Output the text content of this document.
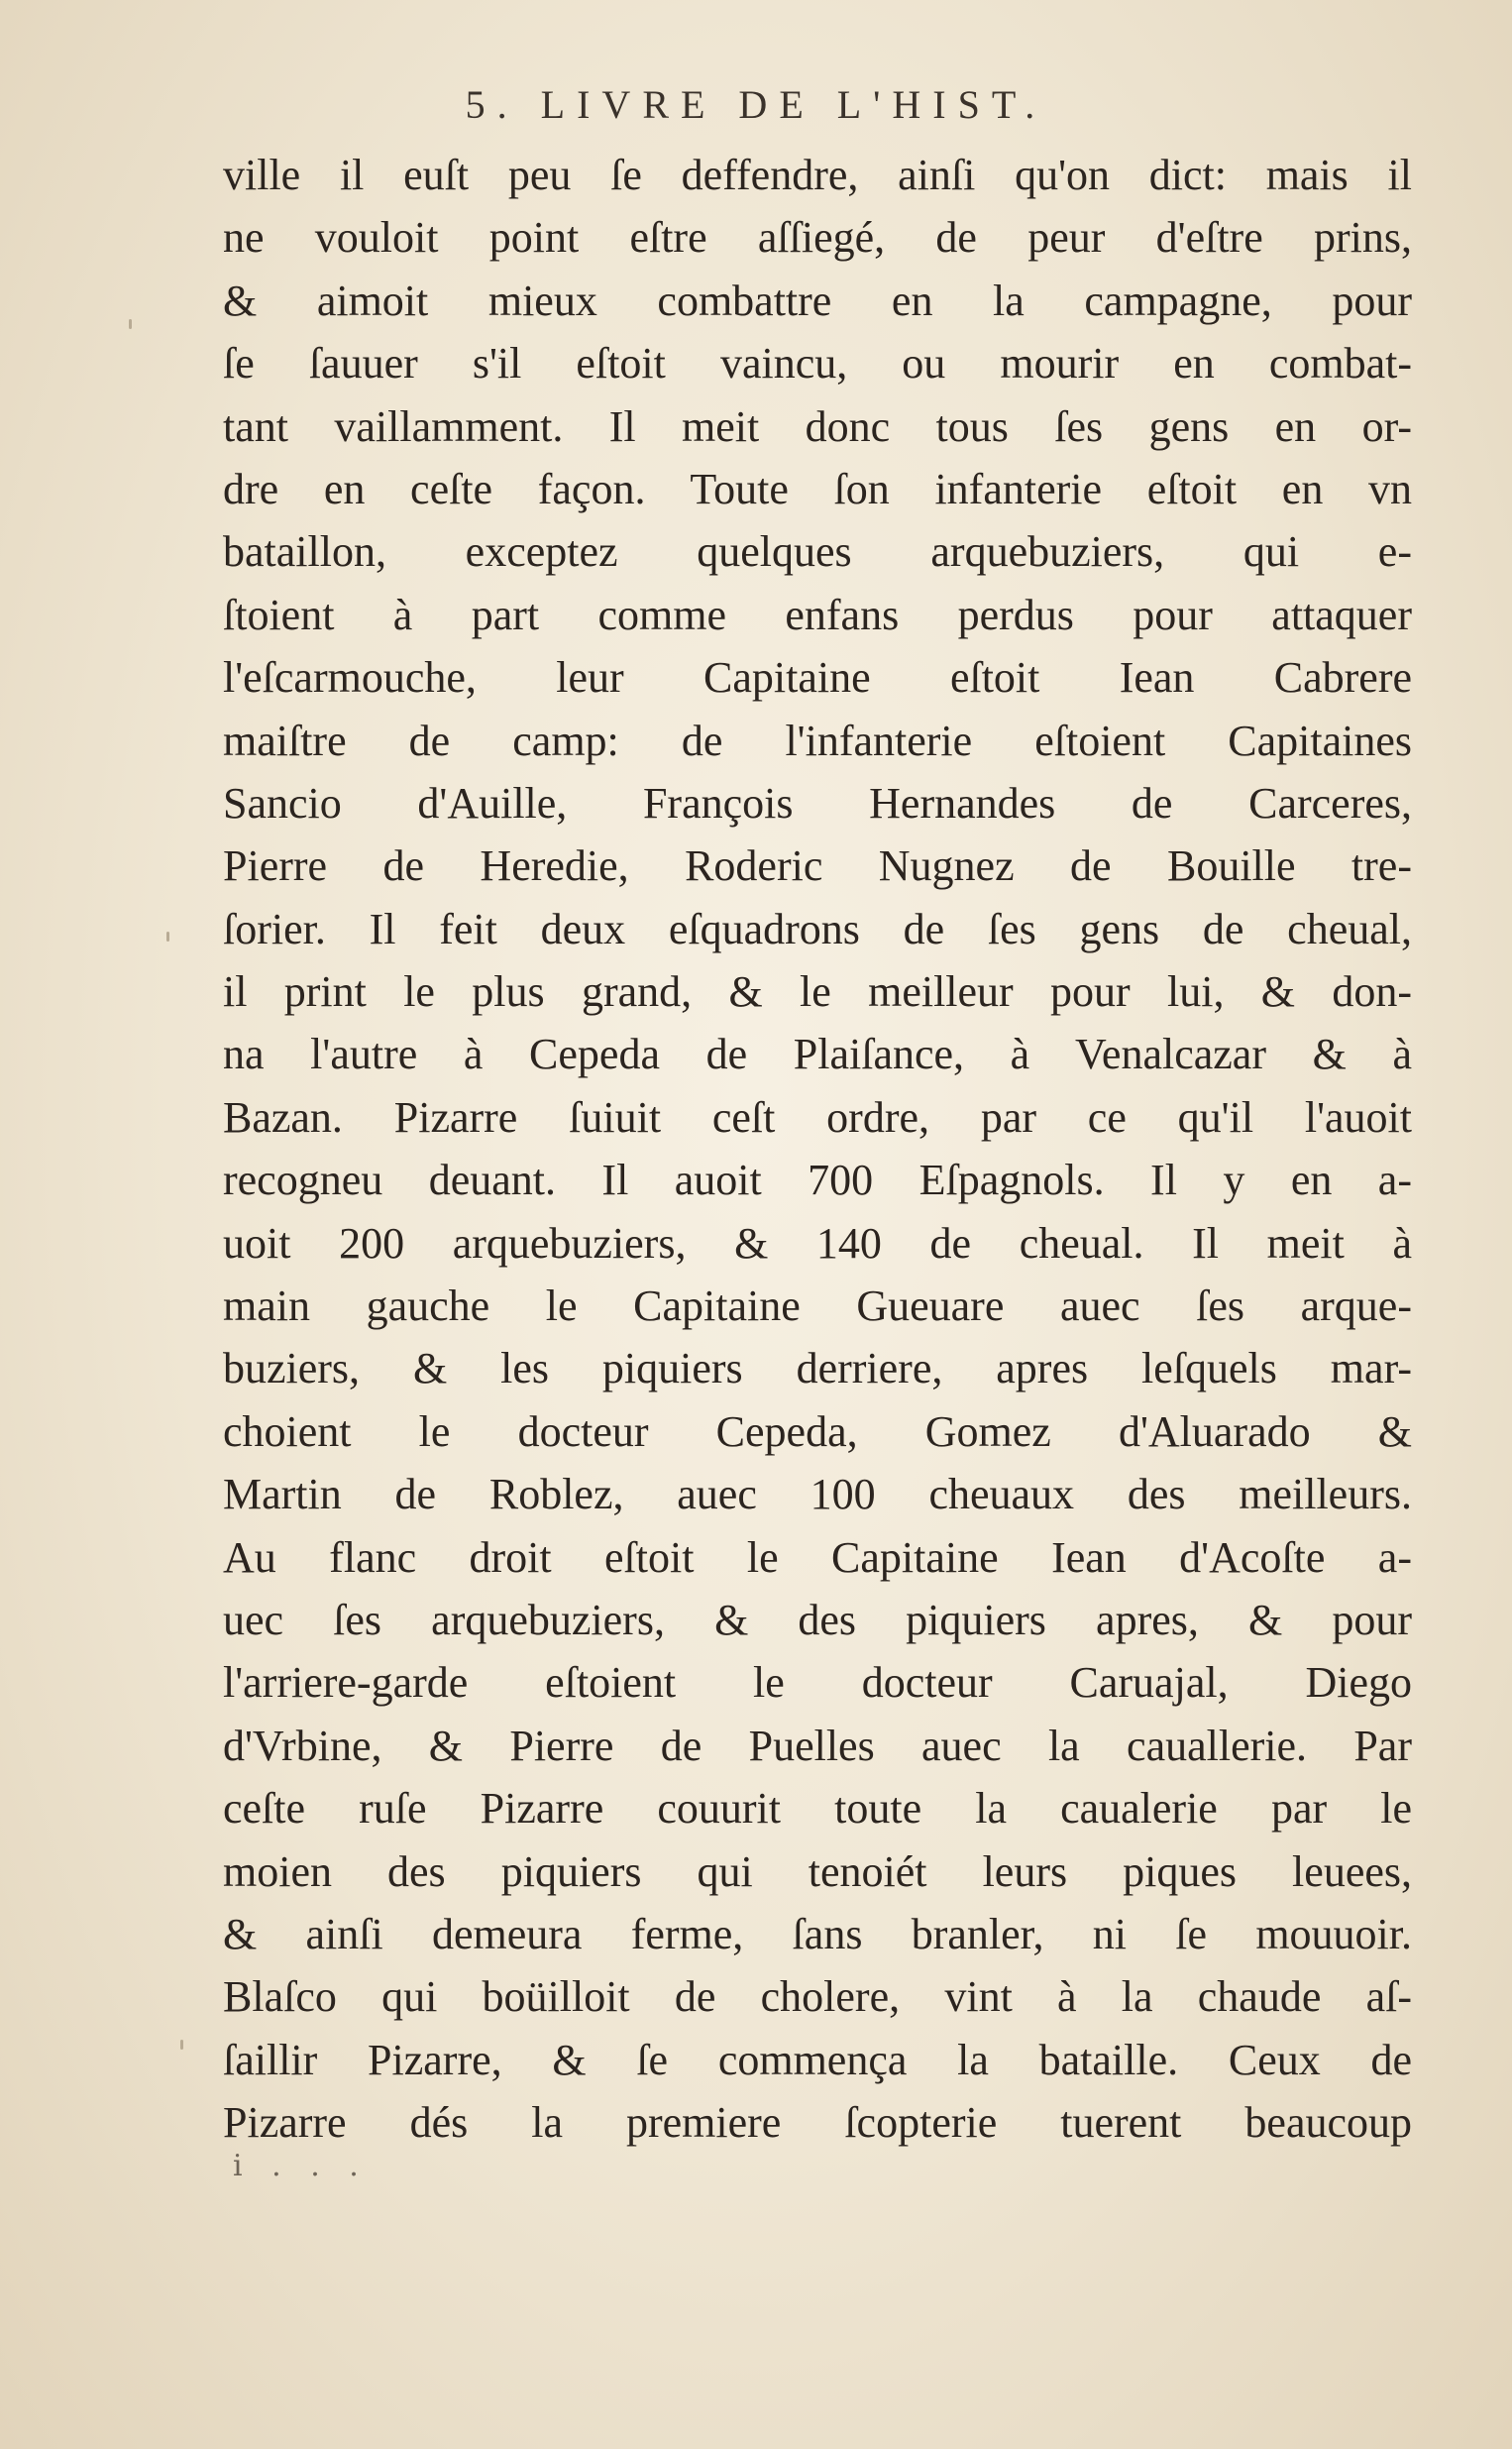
5. LIVRE DE L'HIST.
ville il euſt peu ſe deffendre, ainſi qu'on dict: mais il
ne vouloit point eſtre aſſiegé, de peur d'eſtre prins,
& aimoit mieux combattre en la campagne, pour
ſe ſauuer s'il eſtoit vaincu, ou mourir en combat-
tant vaillamment. Il meit donc tous ſes gens en or-
dre en ceſte façon. Toute ſon infanterie eſtoit en vn
bataillon, exceptez quelques arquebuziers, qui e-
ſtoient à part comme enfans perdus pour attaquer
l'eſcarmouche, leur Capitaine eſtoit Iean Cabrere
maiſtre de camp: de l'infanterie eſtoient Capitaines
Sancio d'Auille, François Hernandes de Carceres,
Pierre de Heredie, Roderic Nugnez de Bouille tre-
ſorier. Il feit deux eſquadrons de ſes gens de cheual,
il print le plus grand, & le meilleur pour lui, & don-
na l'autre à Cepeda de Plaiſance, à Venalcazar & à
Bazan. Pizarre ſuiuit ceſt ordre, par ce qu'il l'auoit
recogneu deuant. Il auoit 700 Eſpagnols. Il y en a-
uoit 200 arquebuziers, & 140 de cheual. Il meit à
main gauche le Capitaine Gueuare auec ſes arque-
buziers, & les piquiers derriere, apres leſquels mar-
choient le docteur Cepeda, Gomez d'Aluarado &
Martin de Roblez, auec 100 cheuaux des meilleurs.
Au flanc droit eſtoit le Capitaine Iean d'Acoſte a-
uec ſes arquebuziers, & des piquiers apres, & pour
l'arriere-garde eſtoient le docteur Caruajal, Diego
d'Vrbine, & Pierre de Puelles auec la cauallerie. Par
ceſte ruſe Pizarre couurit toute la caualerie par le
moien des piquiers qui tenoiét leurs piques leuees,
& ainſi demeura ferme, ſans branler, ni ſe mouuoir.
Blaſco qui boüilloit de cholere, vint à la chaude aſ-
ſaillir Pizarre, & ſe commença la bataille. Ceux de
Pizarre dés la premiere ſcopterie tuerent beaucoup
i . . .
